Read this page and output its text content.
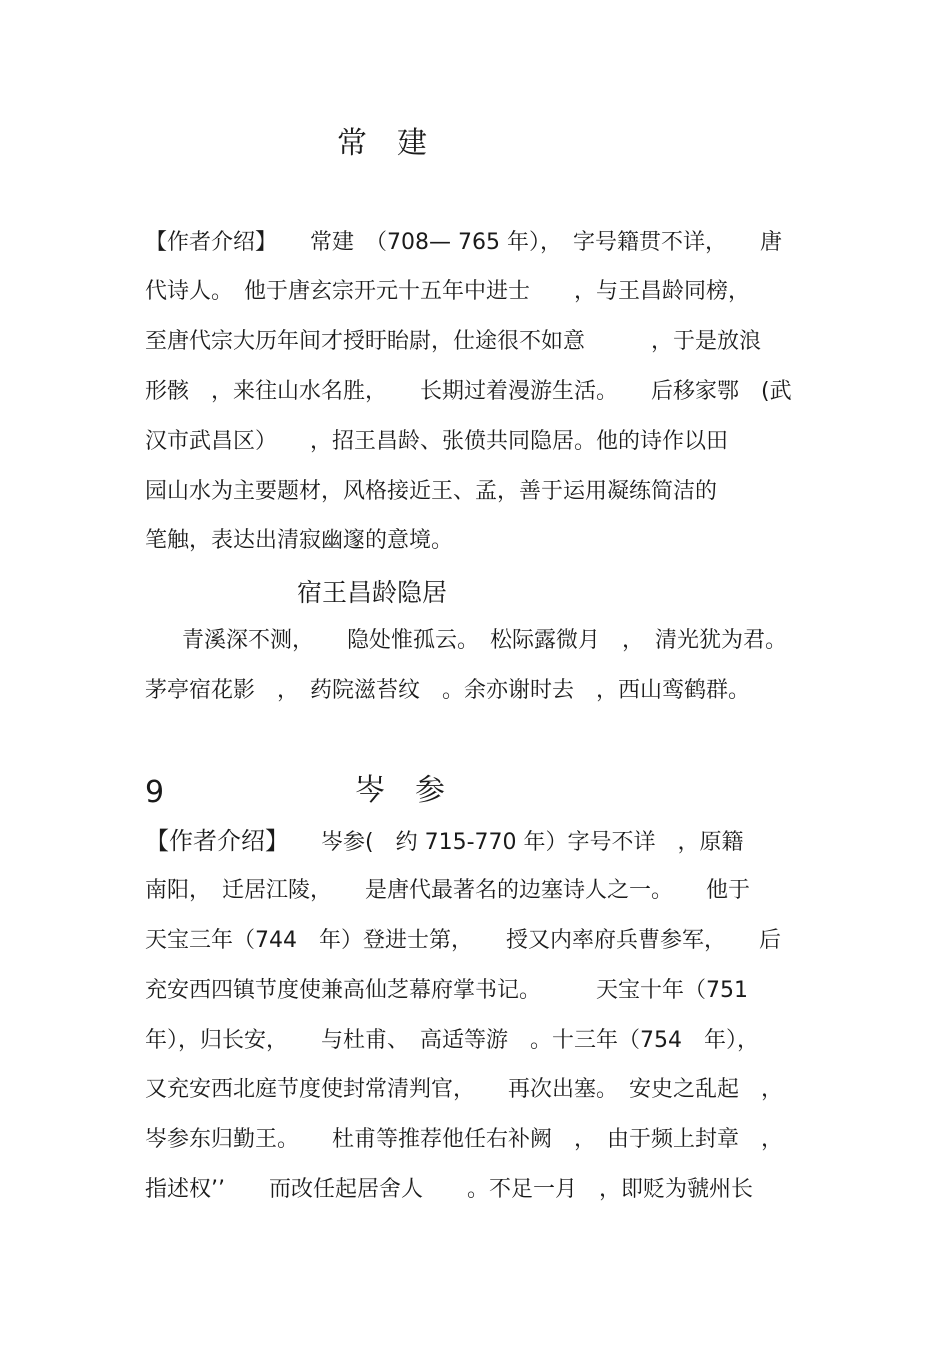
常　建
【作者介绍】　　常建　（708— 765 年），　字号籍贯不详，　　唐
代诗人。　他于唐玄宗开元十五年中进士　　，与王昌龄同榜，
至唐代宗大历年间才授盱眙尉，仕途很不如意　　　，于是放浪
形骸　，来往山水名胜，　　长期过着漫游生活。　　后移家鄂　(武
汉市武昌区）　　，招王昌龄、张偾共同隐居。他的诗作以田
园山水为主要题材，风格接近王、孟，善于运用凝练简洁的
笔触，表达出清寂幽邃的意境。
宿王昌龄隐居
　青溪深不测，　　隐处惟孤云。　松际露微月　，　清光犹为君。
茅亭宿花影　，　药院滋苔纹　。余亦谢时去　，西山鸾鹤群。
9	岑　参
【作者介绍】　　岑参(　约 715-770 年）字号不详　，原籍
南阳，　迁居江陵，　　是唐代最著名的边塞诗人之一。　　他于
天宝三年（744　年）登进士第，　　授又内率府兵曹参军，　　后
充安西四镇节度使兼高仙芝幕府掌书记。　　　天宝十年（751
年），归长安，　　与杜甫、　高适等游　。十三年（754　年），
又充安西北庭节度使封常清判官，　　再次出塞。　安史之乱起　，
岑参东归勤王。　　杜甫等推荐他任右补阙　，　由于频上封章　，
指述权’’　　而改任起居舍人　　。不足一月　，即贬为虢州长
